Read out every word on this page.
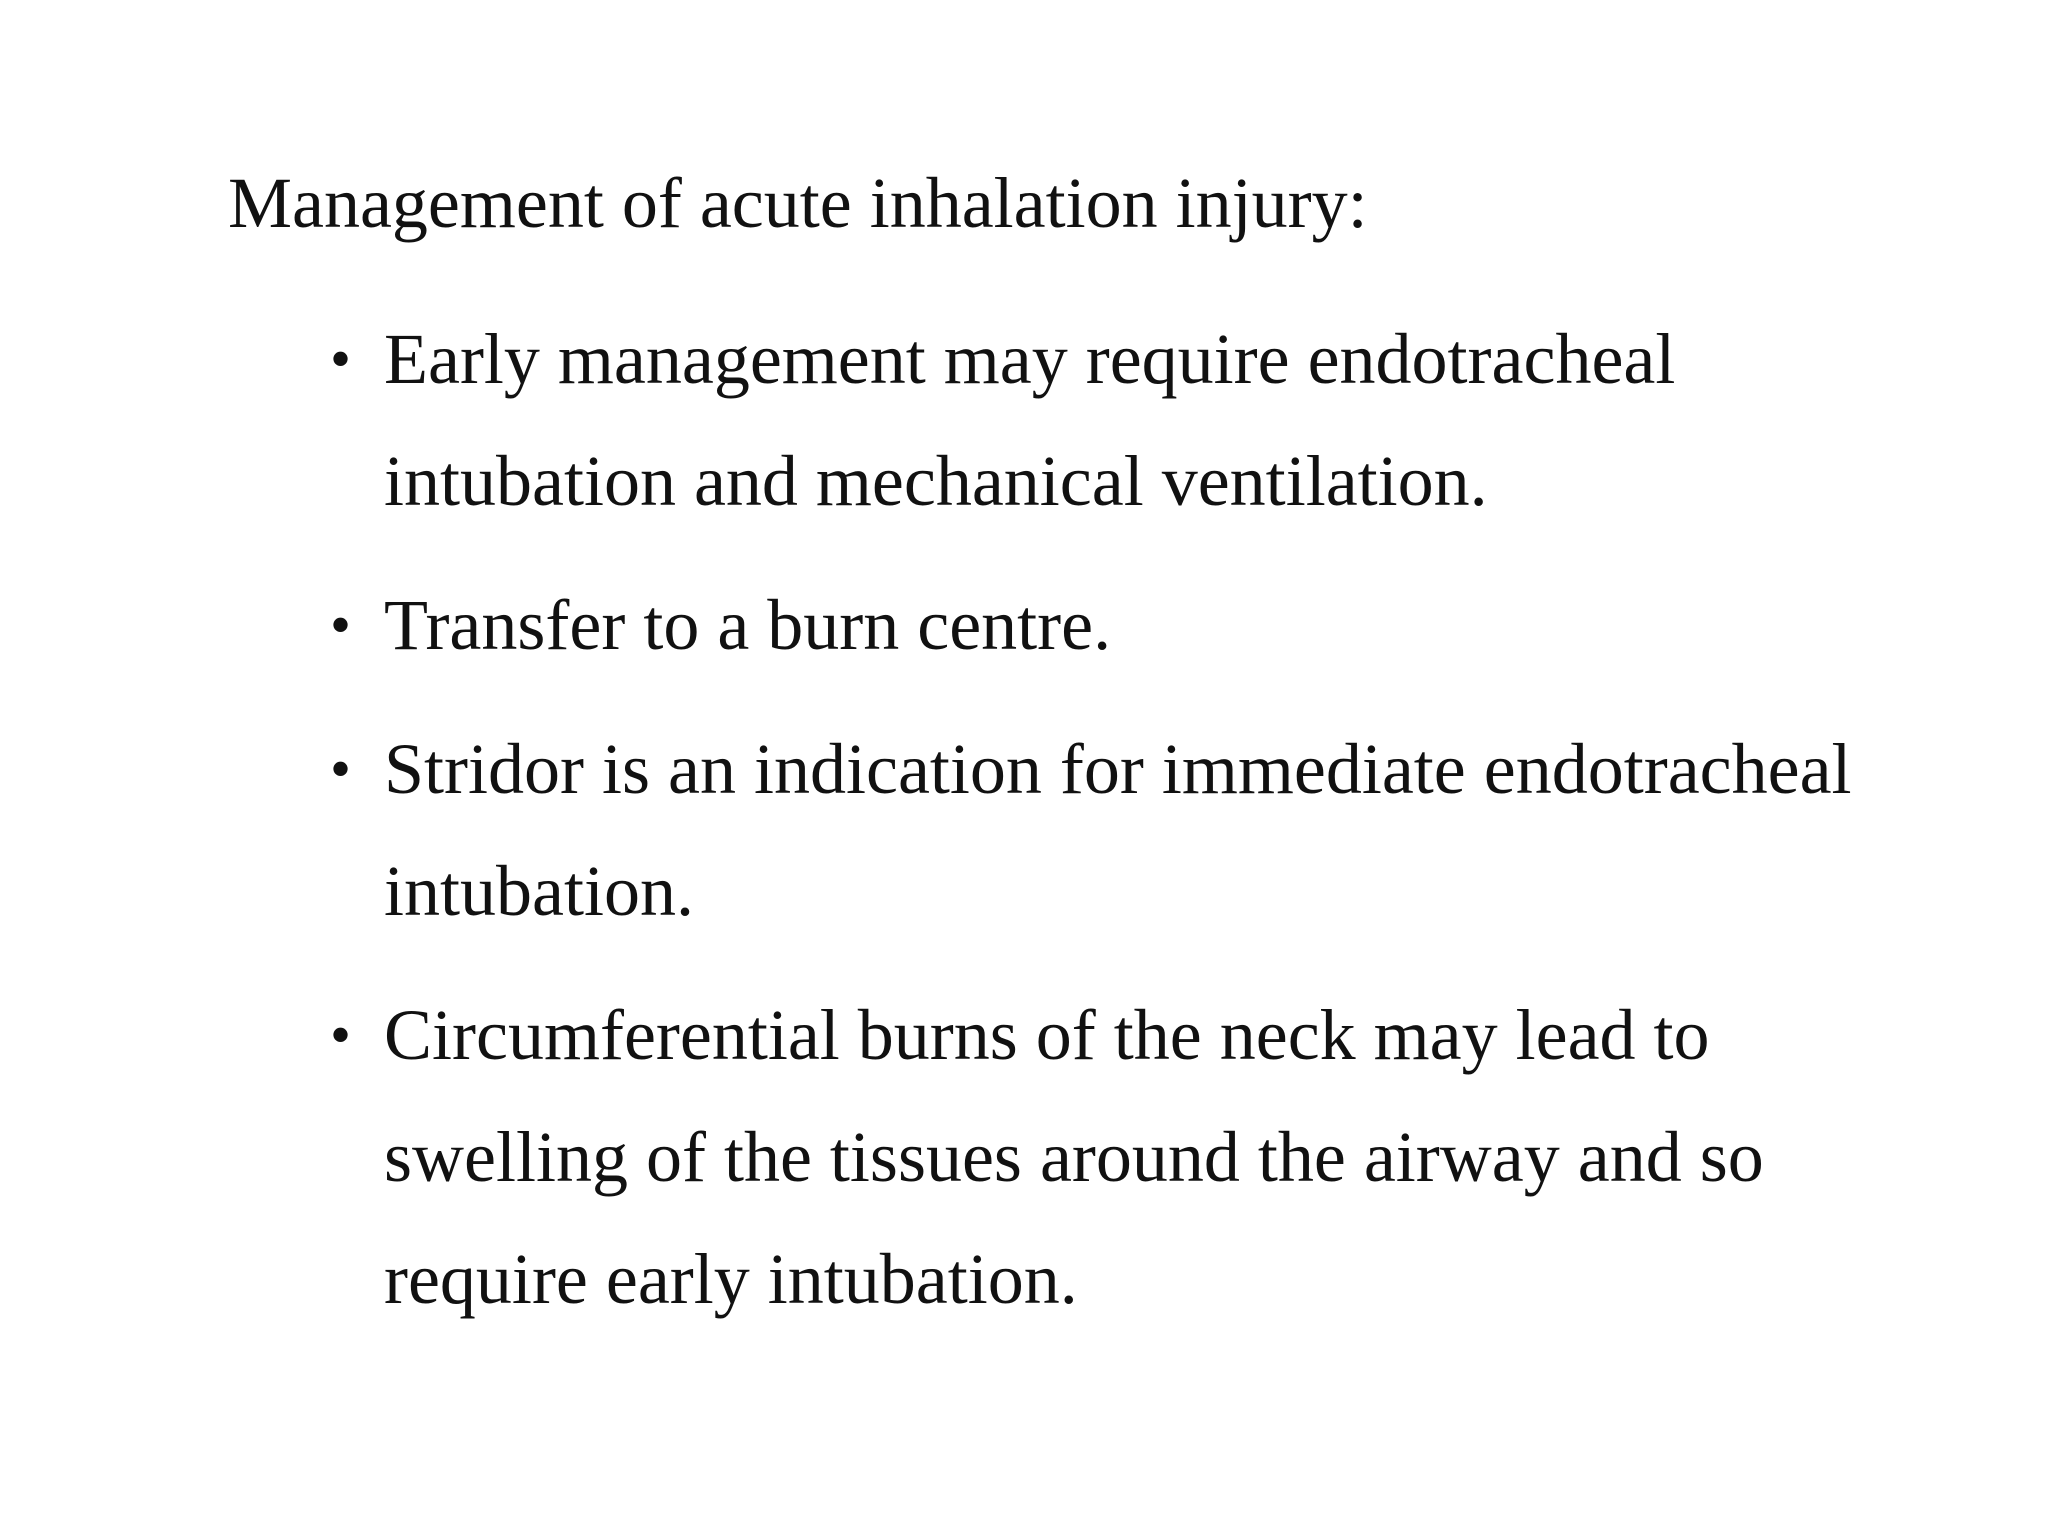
Management of acute inhalation injury:
• Early management may require endotracheal intubation and mechanical ventilation.
• Transfer to a burn centre.
• Stridor is an indication for immediate endotracheal intubation.
• Circumferential burns of the neck may lead to swelling of the tissues around the airway and so require early intubation.
